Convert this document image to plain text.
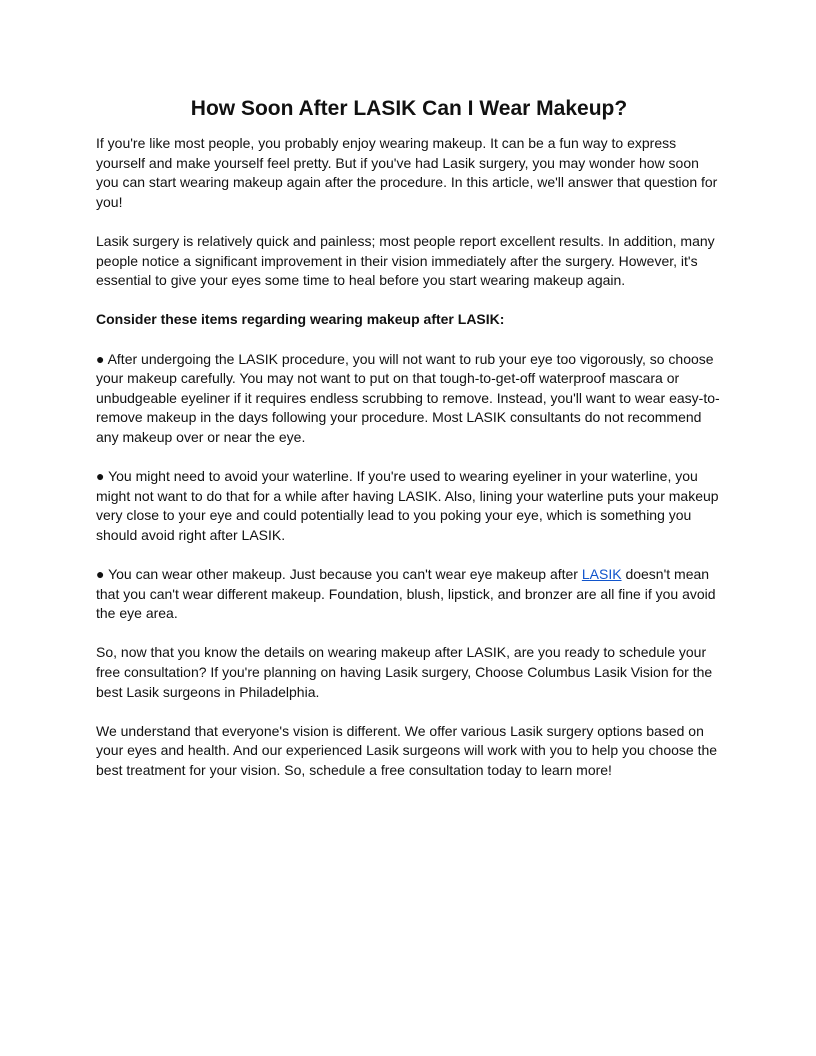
How Soon After LASIK Can I Wear Makeup?

If you're like most people, you probably enjoy wearing makeup. It can be a fun way to express yourself and make yourself feel pretty. But if you've had Lasik surgery, you may wonder how soon you can start wearing makeup again after the procedure. In this article, we'll answer that question for you!

Lasik surgery is relatively quick and painless; most people report excellent results. In addition, many people notice a significant improvement in their vision immediately after the surgery. However, it's essential to give your eyes some time to heal before you start wearing makeup again.

Consider these items regarding wearing makeup after LASIK:

● After undergoing the LASIK procedure, you will not want to rub your eye too vigorously, so choose your makeup carefully. You may not want to put on that tough-to-get-off waterproof mascara or unbudgeable eyeliner if it requires endless scrubbing to remove. Instead, you'll want to wear easy-to-remove makeup in the days following your procedure. Most LASIK consultants do not recommend any makeup over or near the eye.

● You might need to avoid your waterline. If you're used to wearing eyeliner in your waterline, you might not want to do that for a while after having LASIK. Also, lining your waterline puts your makeup very close to your eye and could potentially lead to you poking your eye, which is something you should avoid right after LASIK.

● You can wear other makeup. Just because you can't wear eye makeup after LASIK doesn't mean that you can't wear different makeup. Foundation, blush, lipstick, and bronzer are all fine if you avoid the eye area.

So, now that you know the details on wearing makeup after LASIK, are you ready to schedule your free consultation? If you're planning on having Lasik surgery, Choose Columbus Lasik Vision for the best Lasik surgeons in Philadelphia.

We understand that everyone's vision is different. We offer various Lasik surgery options based on your eyes and health. And our experienced Lasik surgeons will work with you to help you choose the best treatment for your vision. So, schedule a free consultation today to learn more!
